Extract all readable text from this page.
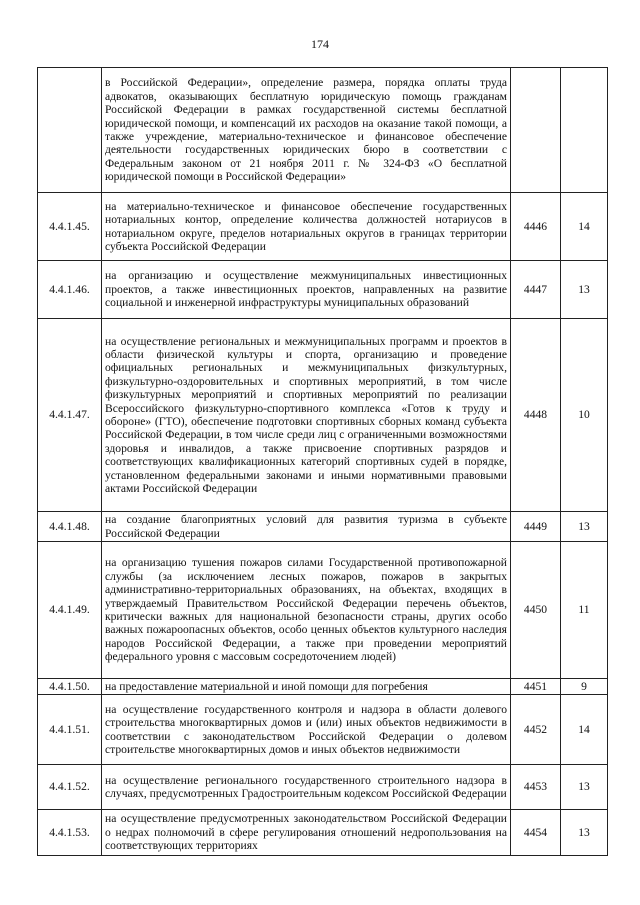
174
	в Российской Федерации», определение размера, порядка оплаты труда адвокатов, оказывающих бесплатную юридическую помощь гражданам Российской Федерации в рамках государственной системы бесплатной юридической помощи, и компенсаций их расходов на оказание такой помощи, а также учреждение, материально-техническое и финансовое обеспечение деятельности государственных юридических бюро в соответствии с Федеральным законом от 21 ноября 2011 г. № 324-ФЗ «О бесплатной юридической помощи в Российской Федерации»		
4.4.1.45.	на материально-техническое и финансовое обеспечение государственных нотариальных контор, определение количества должностей нотариусов в нотариальном округе, пределов нотариальных округов в границах территории субъекта Российской Федерации	4446	14
4.4.1.46.	на организацию и осуществление межмуниципальных инвестиционных проектов, а также инвестиционных проектов, направленных на развитие социальной и инженерной инфраструктуры муниципальных образований	4447	13
4.4.1.47.	на осуществление региональных и межмуниципальных программ и проектов в области физической культуры и спорта, организацию и проведение официальных региональных и межмуниципальных физкультурных, физкультурно-оздоровительных и спортивных мероприятий, в том числе физкультурных мероприятий и спортивных мероприятий по реализации Всероссийского физкультурно-спортивного комплекса «Готов к труду и обороне» (ГТО), обеспечение подготовки спортивных сборных команд субъекта Российской Федерации, в том числе среди лиц с ограниченными возможностями здоровья и инвалидов, а также присвоение спортивных разрядов и соответствующих квалификационных категорий спортивных судей в порядке, установленном федеральными законами и иными нормативными правовыми актами Российской Федерации	4448	10
4.4.1.48.	на создание благоприятных условий для развития туризма в субъекте Российской Федерации	4449	13
4.4.1.49.	на организацию тушения пожаров силами Государственной противопожарной службы (за исключением лесных пожаров, пожаров в закрытых административно-территориальных образованиях, на объектах, входящих в утверждаемый Правительством Российской Федерации перечень объектов, критически важных для национальной безопасности страны, других особо важных пожароопасных объектов, особо ценных объектов культурного наследия народов Российской Федерации, а также при проведении мероприятий федерального уровня с массовым сосредоточением людей)	4450	11
4.4.1.50.	на предоставление материальной и иной помощи для погребения	4451	9
4.4.1.51.	на осуществление государственного контроля и надзора в области долевого строительства многоквартирных домов и (или) иных объектов недвижимости в соответствии с законодательством Российской Федерации о долевом строительстве многоквартирных домов и иных объектов недвижимости	4452	14
4.4.1.52.	на осуществление регионального государственного строительного надзора в случаях, предусмотренных Градостроительным кодексом Российской Федерации	4453	13
4.4.1.53.	на осуществление предусмотренных законодательством Российской Федерации о недрах полномочий в сфере регулирования отношений недропользования на соответствующих территориях	4454	13
